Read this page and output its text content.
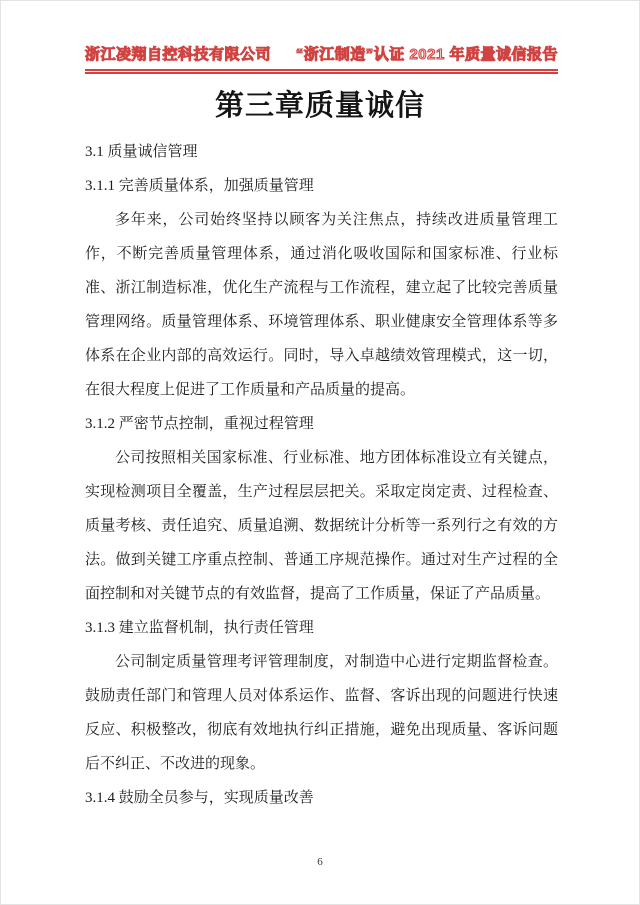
浙江凌翔自控科技有限公司 “浙江制造”认证 2021 年质量诚信报告
第三章质量诚信

3.1 质量诚信管理

3.1.1 完善质量体系，加强质量管理

多年来，公司始终坚持以顾客为关注焦点，持续改进质量管理工作，不断完善质量管理体系，通过消化吸收国际和国家标准、行业标准、浙江制造标准，优化生产流程与工作流程，建立起了比较完善质量管理网络。质量管理体系、环境管理体系、职业健康安全管理体系等多体系在企业内部的高效运行。同时，导入卓越绩效管理模式，这一切，在很大程度上促进了工作质量和产品质量的提高。

3.1.2 严密节点控制，重视过程管理

公司按照相关国家标准、行业标准、地方团体标准设立有关键点，实现检测项目全覆盖，生产过程层层把关。采取定岗定责、过程检查、质量考核、责任追究、质量追溯、数据统计分析等一系列行之有效的方法。做到关键工序重点控制、普通工序规范操作。通过对生产过程的全面控制和对关键节点的有效监督，提高了工作质量，保证了产品质量。

3.1.3 建立监督机制，执行责任管理

公司制定质量管理考评管理制度，对制造中心进行定期监督检查。鼓励责任部门和管理人员对体系运作、监督、客诉出现的问题进行快速反应、积极整改，彻底有效地执行纠正措施，避免出现质量、客诉问题后不纠正、不改进的现象。

3.1.4 鼓励全员参与，实现质量改善

6
